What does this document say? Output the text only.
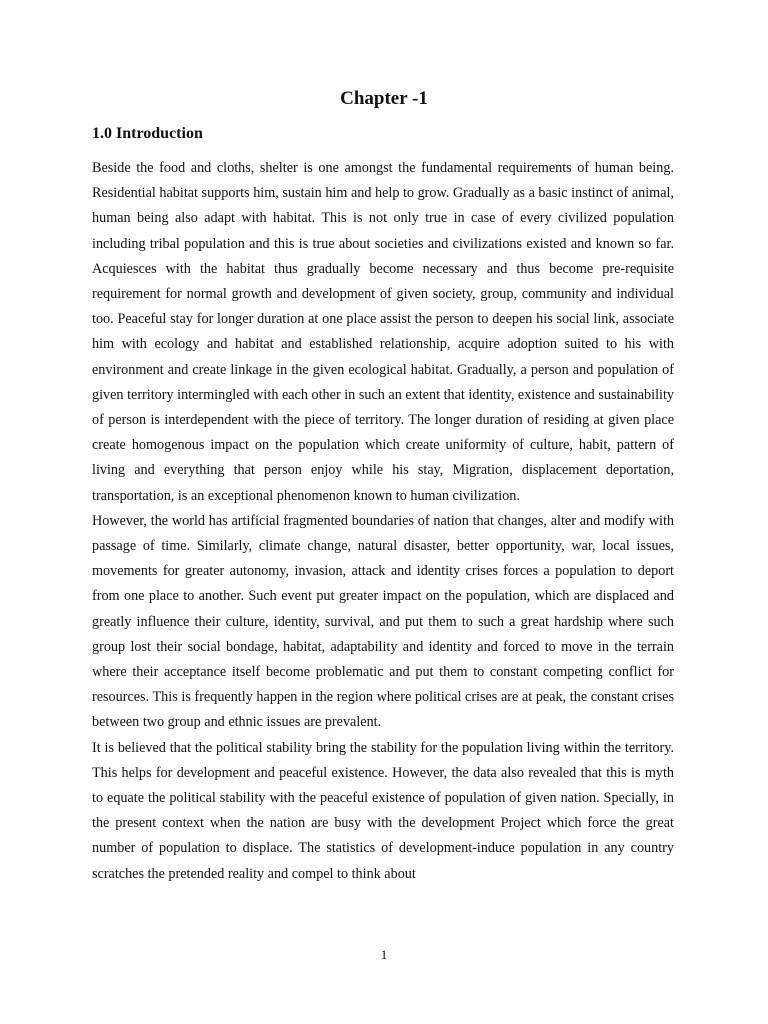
Chapter -1
1.0 Introduction

Beside the food and cloths, shelter is one amongst the fundamental requirements of human being. Residential habitat supports him, sustain him and help to grow. Gradually as a basic instinct of animal, human being also adapt with habitat. This is not only true in case of every civilized population including tribal population and this is true about societies and civilizations existed and known so far. Acquiesces with the habitat thus gradually become necessary and thus become pre-requisite requirement for normal growth and development of given society, group, community and individual too. Peaceful stay for longer duration at one place assist the person to deepen his social link, associate him with ecology and habitat and established relationship, acquire adoption suited to his with environment and create linkage in the given ecological habitat. Gradually, a person and population of given territory intermingled with each other in such an extent that identity, existence and sustainability of person is interdependent with the piece of territory. The longer duration of residing at given place create homogenous impact on the population which create uniformity of culture, habit, pattern of living and everything that person enjoy while his stay, Migration, displacement deportation, transportation, is an exceptional phenomenon known to human civilization.

However, the world has artificial fragmented boundaries of nation that changes, alter and modify with passage of time. Similarly, climate change, natural disaster, better opportunity, war, local issues, movements for greater autonomy, invasion, attack and identity crises forces a population to deport from one place to another. Such event put greater impact on the population, which are displaced and greatly influence their culture, identity, survival, and put them to such a great hardship where such group lost their social bondage, habitat, adaptability and identity and forced to move in the terrain where their acceptance itself become problematic and put them to constant competing conflict for resources. This is frequently happen in the region where political crises are at peak, the constant crises between two group and ethnic issues are prevalent.

It is believed that the political stability bring the stability for the population living within the territory. This helps for development and peaceful existence. However, the data also revealed that this is myth to equate the political stability with the peaceful existence of population of given nation. Specially, in the present context when the nation are busy with the development Project which force the great number of population to displace. The statistics of development-induce population in any country scratches the pretended reality and compel to think about

1
